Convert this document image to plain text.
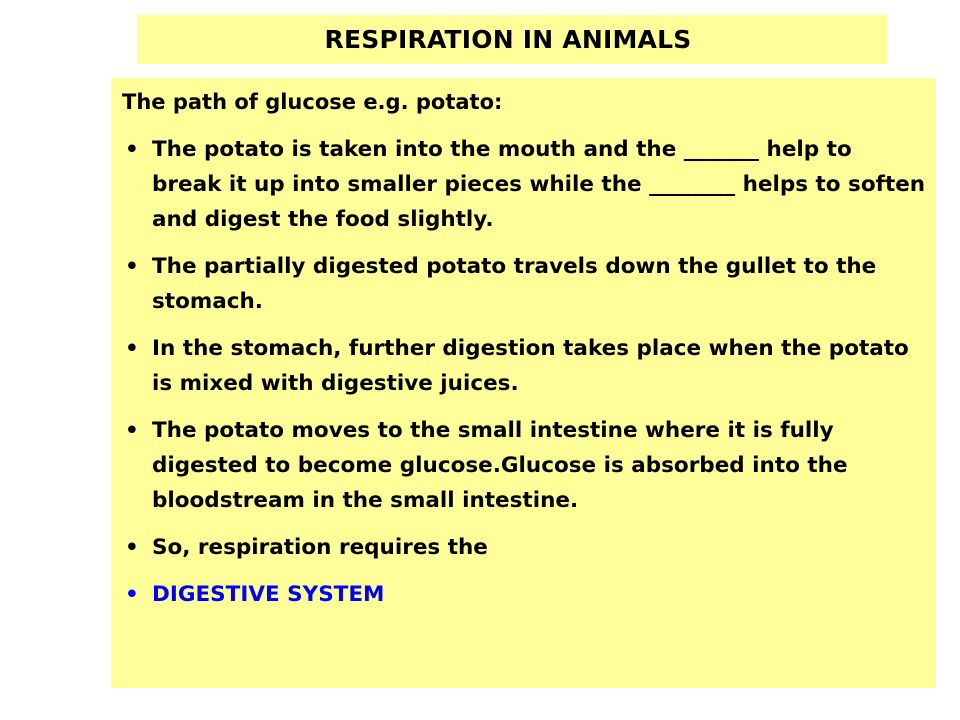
RESPIRATION IN ANIMALS
The path of glucose e.g. potato:
• The potato is taken into the mouth and the _______ help to break it up into smaller pieces while the ________ helps to soften and digest the food slightly.
• The partially digested potato travels down the gullet to the stomach.
• In the stomach, further digestion takes place when the potato is mixed with digestive juices.
• The potato moves to the small intestine where it is fully digested to become glucose.Glucose is absorbed into the bloodstream in the small intestine.
• So, respiration requires the
• DIGESTIVE SYSTEM
